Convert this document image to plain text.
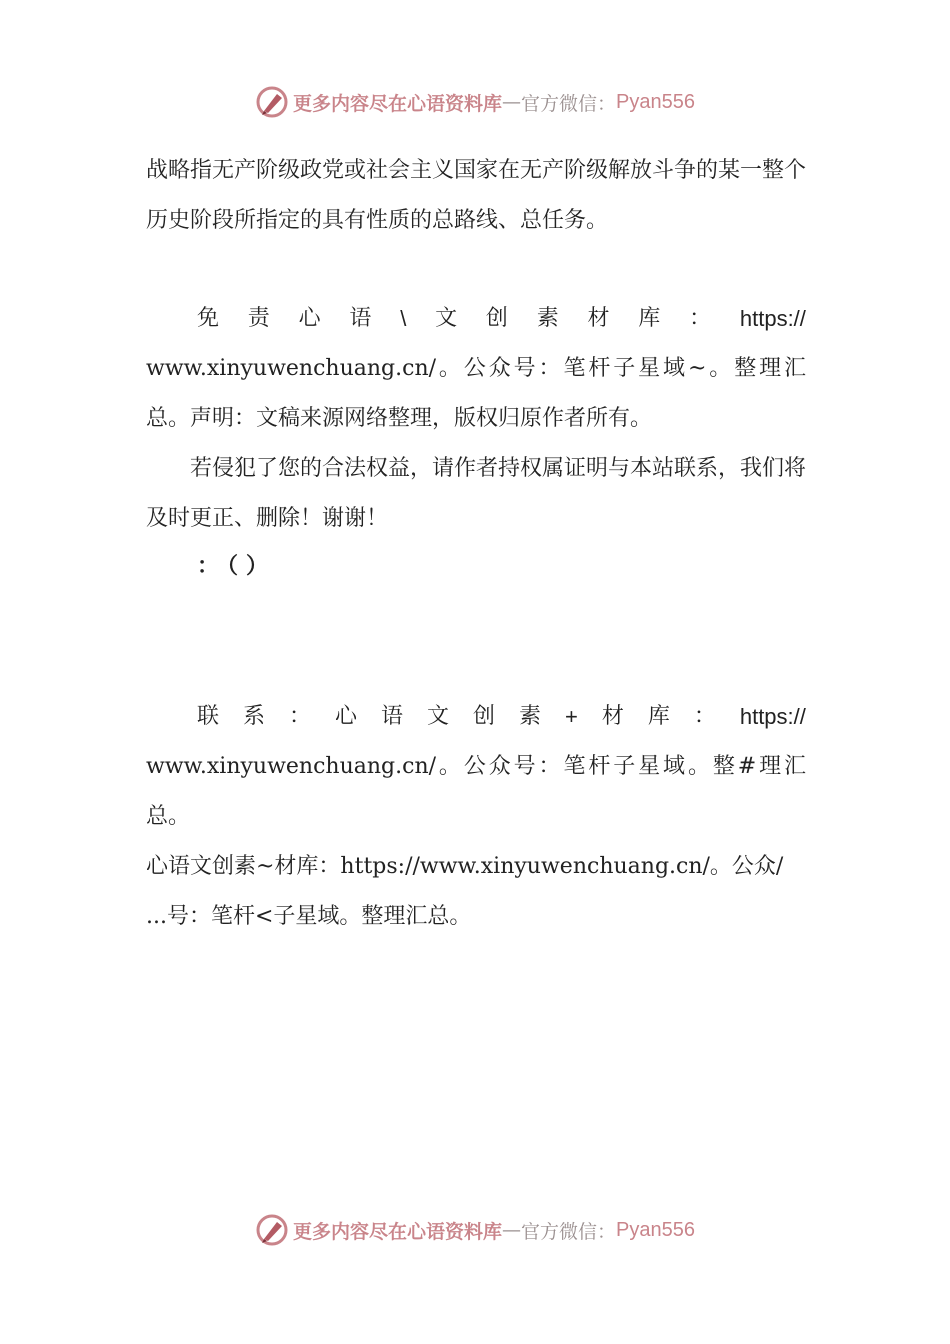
更多内容尽在心语资料库 — 官方微信： Pyan556

战略指无产阶级政党或社会主义国家在无产阶级解放斗争的某一整个历史阶段所指定的具有性质的总路线、总任务。

免 责 心 语 \ 文 创 素 材 库 ： https://

www.xinyuwenchuang.cn/。公众号：笔杆子星域~。整理汇总。声明：文稿来源网络整理，版权归原作者所有。

若侵犯了您的合法权益，请作者持权属证明与本站联系，我们将及时更正、删除！谢谢！

：（）
联 系 ： 心 语 文 创 素 + 材 库 ： https://

www.xinyuwenchuang.cn/。公众号：笔杆子星域。整#理汇总。

心语文创素~材库：https://www.xinyuwenchuang.cn/。公众/

...号：笔杆<子星域。整理汇总。

更多内容尽在心语资料库 — 官方微信： Pyan556
